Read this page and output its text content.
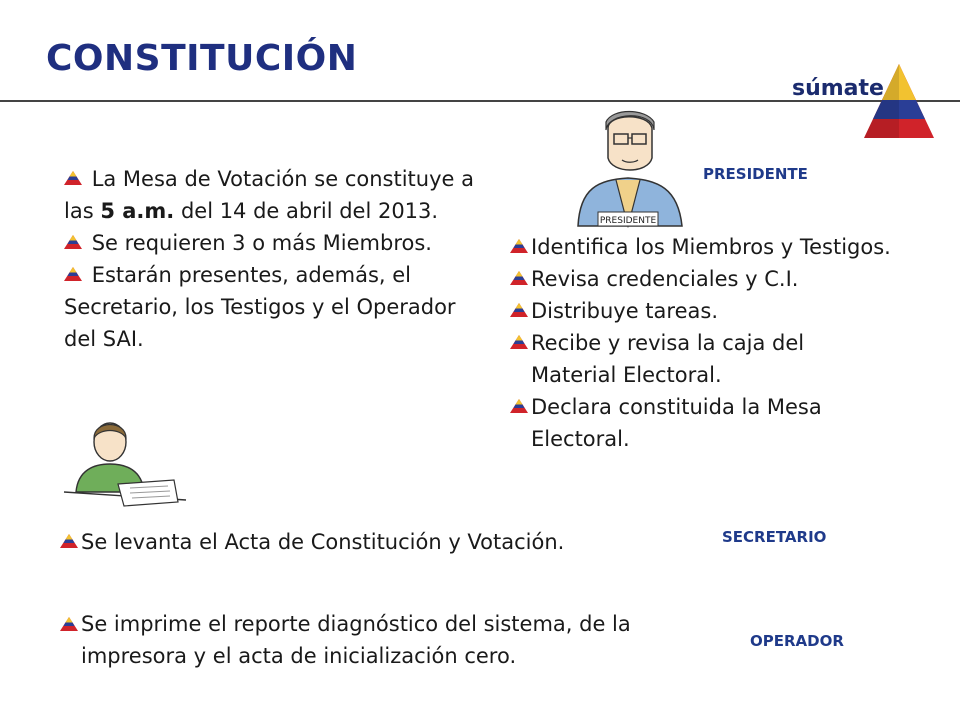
CONSTITUCIÓN
súmate
La Mesa de Votación se constituye a las 5 a.m. del 14 de abril del 2013.
Se requieren 3 o más Miembros.
Estarán presentes, además, el Secretario, los Testigos y el Operador del SAI.
PRESIDENTE
PRESIDENTE
Identifica los Miembros y Testigos.
Revisa credenciales y C.I.
Distribuye tareas.
Recibe y revisa la caja del Material Electoral.
Declara constituida la Mesa Electoral.
Se levanta el Acta de Constitución y Votación.	SECRETARIO
Se imprime el reporte diagnóstico del sistema, de la impresora y el acta de inicialización cero.
OPERADOR
